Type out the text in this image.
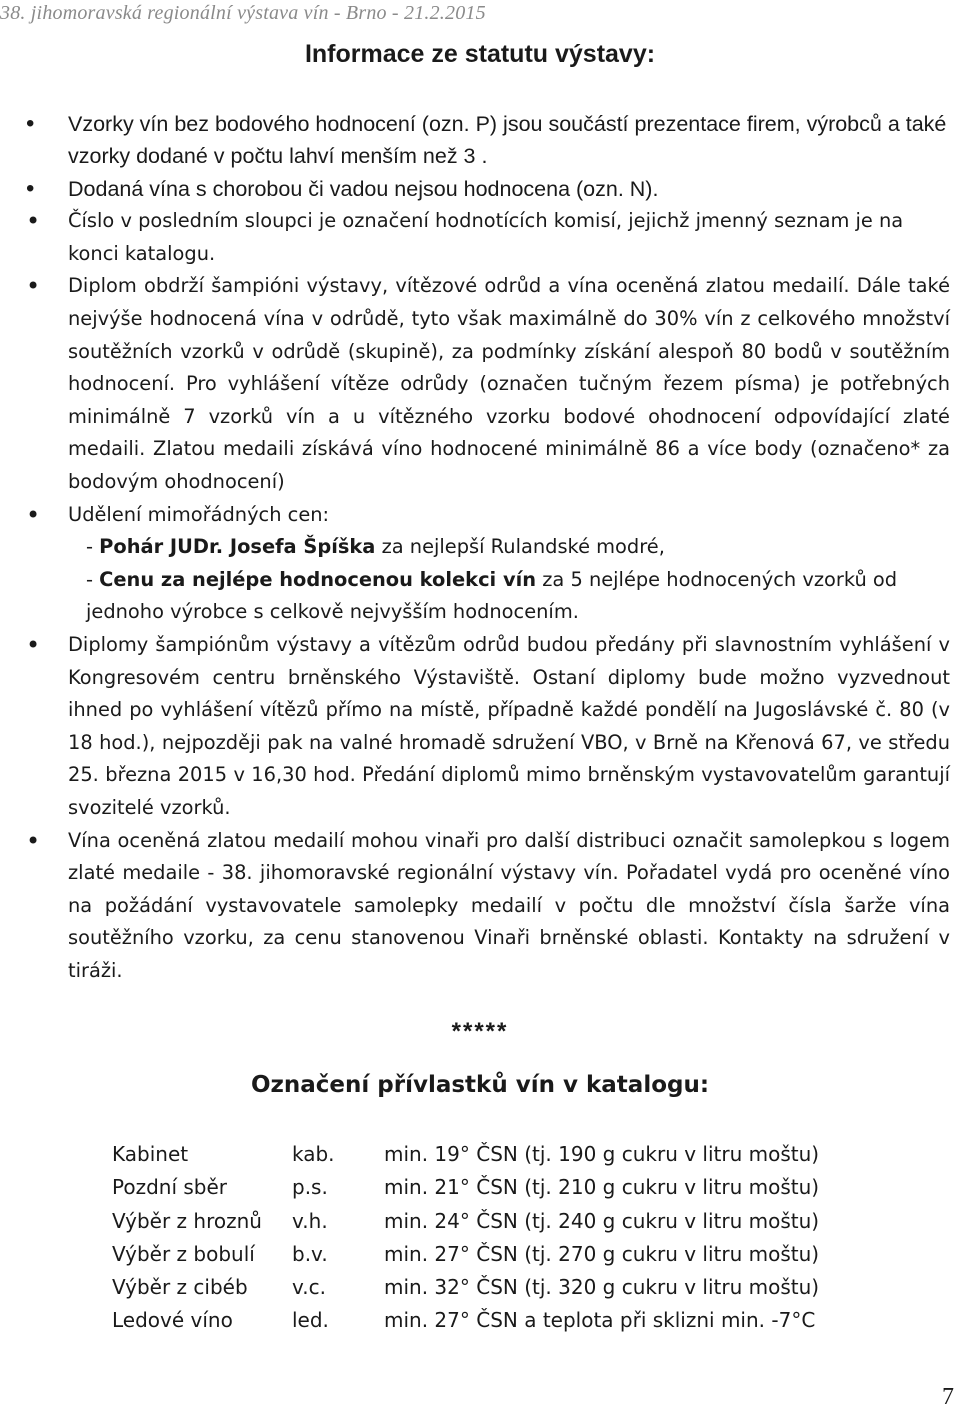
38. jihomoravská regionální výstava vín - Brno - 21.2.2015
Informace ze statutu výstavy:
• Vzorky vín bez bodového hodnocení (ozn. P) jsou součástí prezentace firem, výrobců a také vzorky dodané v počtu lahví menším než 3 .
• Dodaná vína s chorobou či vadou nejsou hodnocena (ozn. N).
• Číslo v posledním sloupci je označení hodnotících komisí, jejichž jmenný seznam je na konci katalogu.
• Diplom obdrží šampióni výstavy, vítězové odrůd a vína oceněná zlatou medailí. Dále také nejvýše hodnocená vína v odrůdě, tyto však maximálně do 30% vín z celkového množství soutěžních vzorků v odrůdě (skupině), za podmínky získání alespoň 80 bodů v soutěžním hodnocení. Pro vyhlášení vítěze odrůdy (označen tučným řezem písma) je potřebných minimálně 7 vzorků vín a u vítězného vzorku bodové ohodnocení odpovídající zlaté medaili. Zlatou medaili získává víno hodnocené minimálně 86 a více body (označeno* za bodovým ohodnocení)
• Udělení mimořádných cen:
- Pohár JUDr. Josefa Špíška za nejlepší Rulandské modré,
- Cenu za nejlépe hodnocenou kolekci vín za 5 nejlépe hodnocených vzorků od jednoho výrobce s celkově nejvyšším hodnocením.
• Diplomy šampiónům výstavy a vítězům odrůd budou předány při slavnostním vyhlášení v Kongresovém centru brněnského Výstaviště. Ostaní diplomy bude možno vyzvednout ihned po vyhlášení vítězů přímo na místě, případně každé pondělí na Jugoslávské č. 80 (v 18 hod.), nejpozději pak na valné hromadě sdružení VBO, v Brně na Křenová 67, ve středu 25. března 2015 v 16,30 hod. Předání diplomů mimo brněnským vystavovatelům garantují svozitelé vzorků.
• Vína oceněná zlatou medailí mohou vinaři pro další distribuci označit samolepkou s logem zlaté medaile - 38. jihomoravské regionální výstavy vín. Pořadatel vydá pro oceněné víno na požádání vystavovatele samolepky medailí v počtu dle množství čísla šarže vína soutěžního vzorku, za cenu stanovenou Vinaři brněnské oblasti. Kontakty na sdružení v tiráži.
*****
Označení přívlastků vín v katalogu:
Kabinet	kab.	min. 19° ČSN (tj. 190 g cukru v litru moštu)
Pozdní sběr	p.s.	min. 21° ČSN (tj. 210 g cukru v litru moštu)
Výběr z hroznů	v.h.	min. 24° ČSN (tj. 240 g cukru v litru moštu)
Výběr z bobulí	b.v.	min. 27° ČSN (tj. 270 g cukru v litru moštu)
Výběr z cibéb	v.c.	min. 32° ČSN (tj. 320 g cukru v litru moštu)
Ledové víno	led.	min. 27° ČSN a teplota při sklizni min. -7°C
7
